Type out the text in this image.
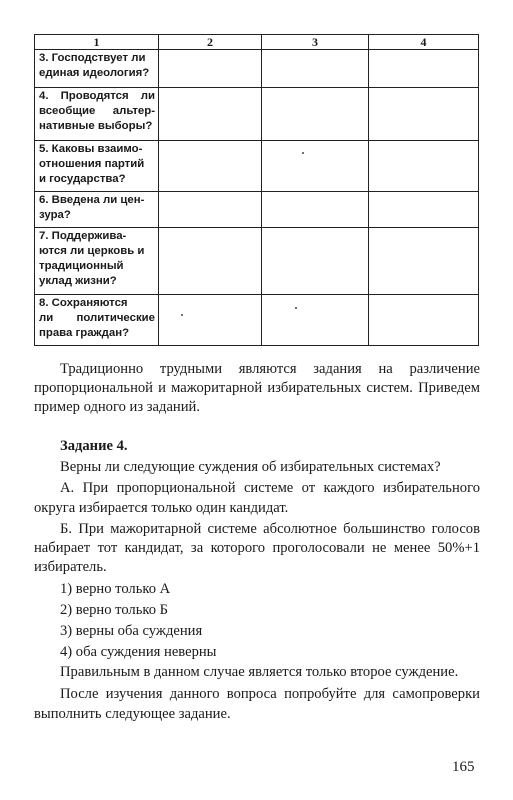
1	2	3	4

3. Господствует ли
единая идеология?			

4. Проводятся ли
всеобщие альтер-
нативные выборы?			

5. Каковы взаимо-
отношения партий
и государства?			

6. Введена ли цен-
зура?			

7. Поддержива-
ются ли церковь и
традиционный
уклад жизни?			

8. Сохраняются
ли политические
права граждан?			

Традиционно трудными являются задания на различение пропорциональной и мажоритарной избирательных систем. Приведем пример одного из заданий.

Задание 4.

Верны ли следующие суждения об избирательных системах?

А. При пропорциональной системе от каждого избирательного округа избирается только один кандидат.

Б. При мажоритарной системе абсолютное большинство голосов набирает тот кандидат, за которого проголосовали не менее 50%+1 избиратель.

1) верно только А

2) верно только Б

3) верны оба суждения

4) оба суждения неверны

Правильным в данном случае является только второе суждение.

После изучения данного вопроса попробуйте для самопроверки выполнить следующее задание.

165
